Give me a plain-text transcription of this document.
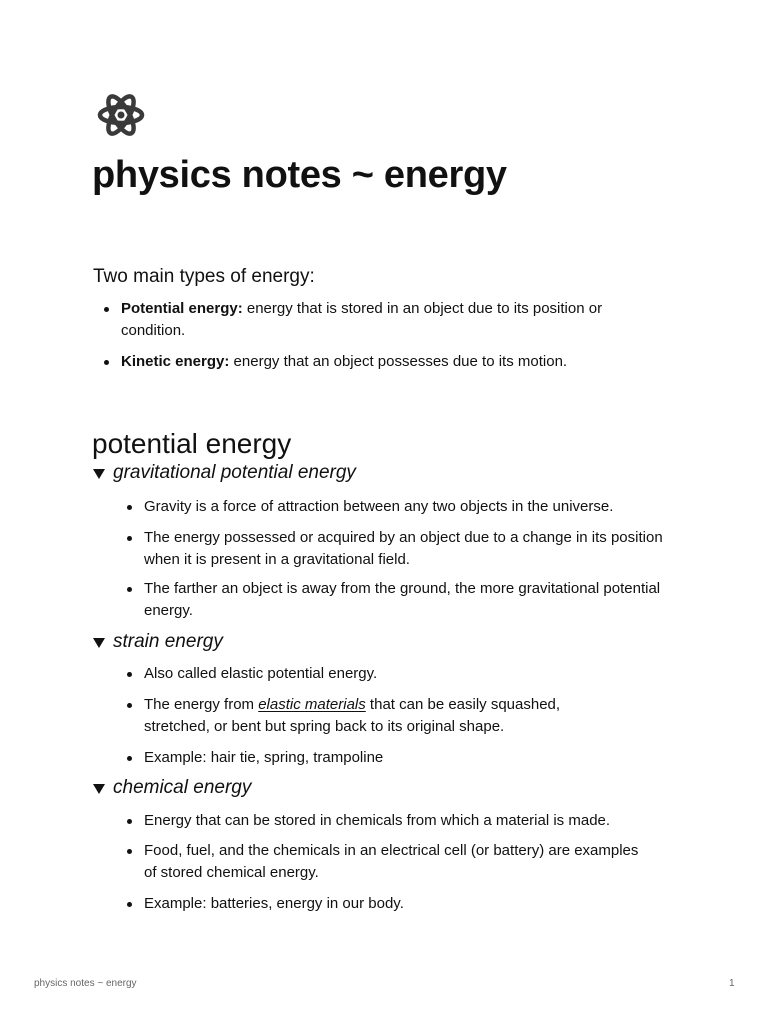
physics notes ~ energy
Two main types of energy:
Potential energy: energy that is stored in an object due to its position or condition.
Kinetic energy: energy that an object possesses due to its motion.
potential energy
gravitational potential energy
Gravity is a force of attraction between any two objects in the universe.
The energy possessed or acquired by an object due to a change in its position when it is present in a gravitational field.
The farther an object is away from the ground, the more gravitational potential energy.
strain energy
Also called elastic potential energy.
The energy from elastic materials that can be easily squashed, stretched, or bent but spring back to its original shape.
Example: hair tie, spring, trampoline
chemical energy
Energy that can be stored in chemicals from which a material is made.
Food, fuel, and the chemicals in an electrical cell (or battery) are examples of stored chemical energy.
Example: batteries, energy in our body.
physics notes ~ energy	1
